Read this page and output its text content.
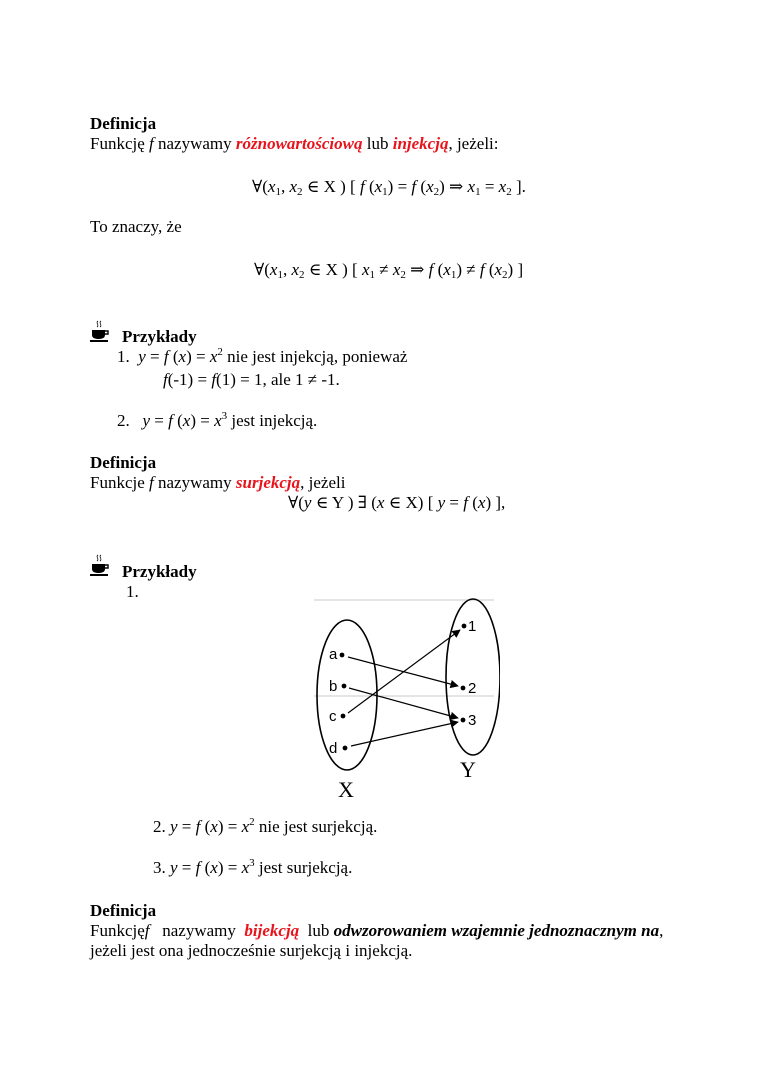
Definicja
Funkcję f nazywamy różnowartościową lub injekcją, jeżeli:
$\forall(x_1$, $x_2$ ∈ X ) [ f $(x_1) = f$ $(x_2)$ ⇒ $x_1 = x_2$ ].
To znaczy, że
$\forall(x_1$, $x_2$ ∈ X ) [ $x_1 \ne x_2$ ⇒ f $(x_1) \ne f$ $(x_2)$ ]
Przykłady
1. y = f $(x) = x^2$ nie jest injekcją, ponieważ
f(-1) = f(1) = 1, ale 1 ≠ -1.
2. y = f $(x) = x^3$ jest injekcją.
Definicja
Funkcje f nazywamy surjekcją, jeżeli
∀(y ∈ Y ) ∃ (x ∈ X) [ y = f (x) ],
Przykłady
1.
a
b
c
d
1
2
3
X
Y
2. y = f $(x) = x^2$ nie jest surjekcją.
3. y = f $(x) = x^3$ jest surjekcją.
Definicja
Funkcjęf   nazywamy  bijekcją  lub odwzorowaniem wzajemnie jednoznacznym na,
jeżeli jest ona jednocześnie surjekcją i injekcją.
